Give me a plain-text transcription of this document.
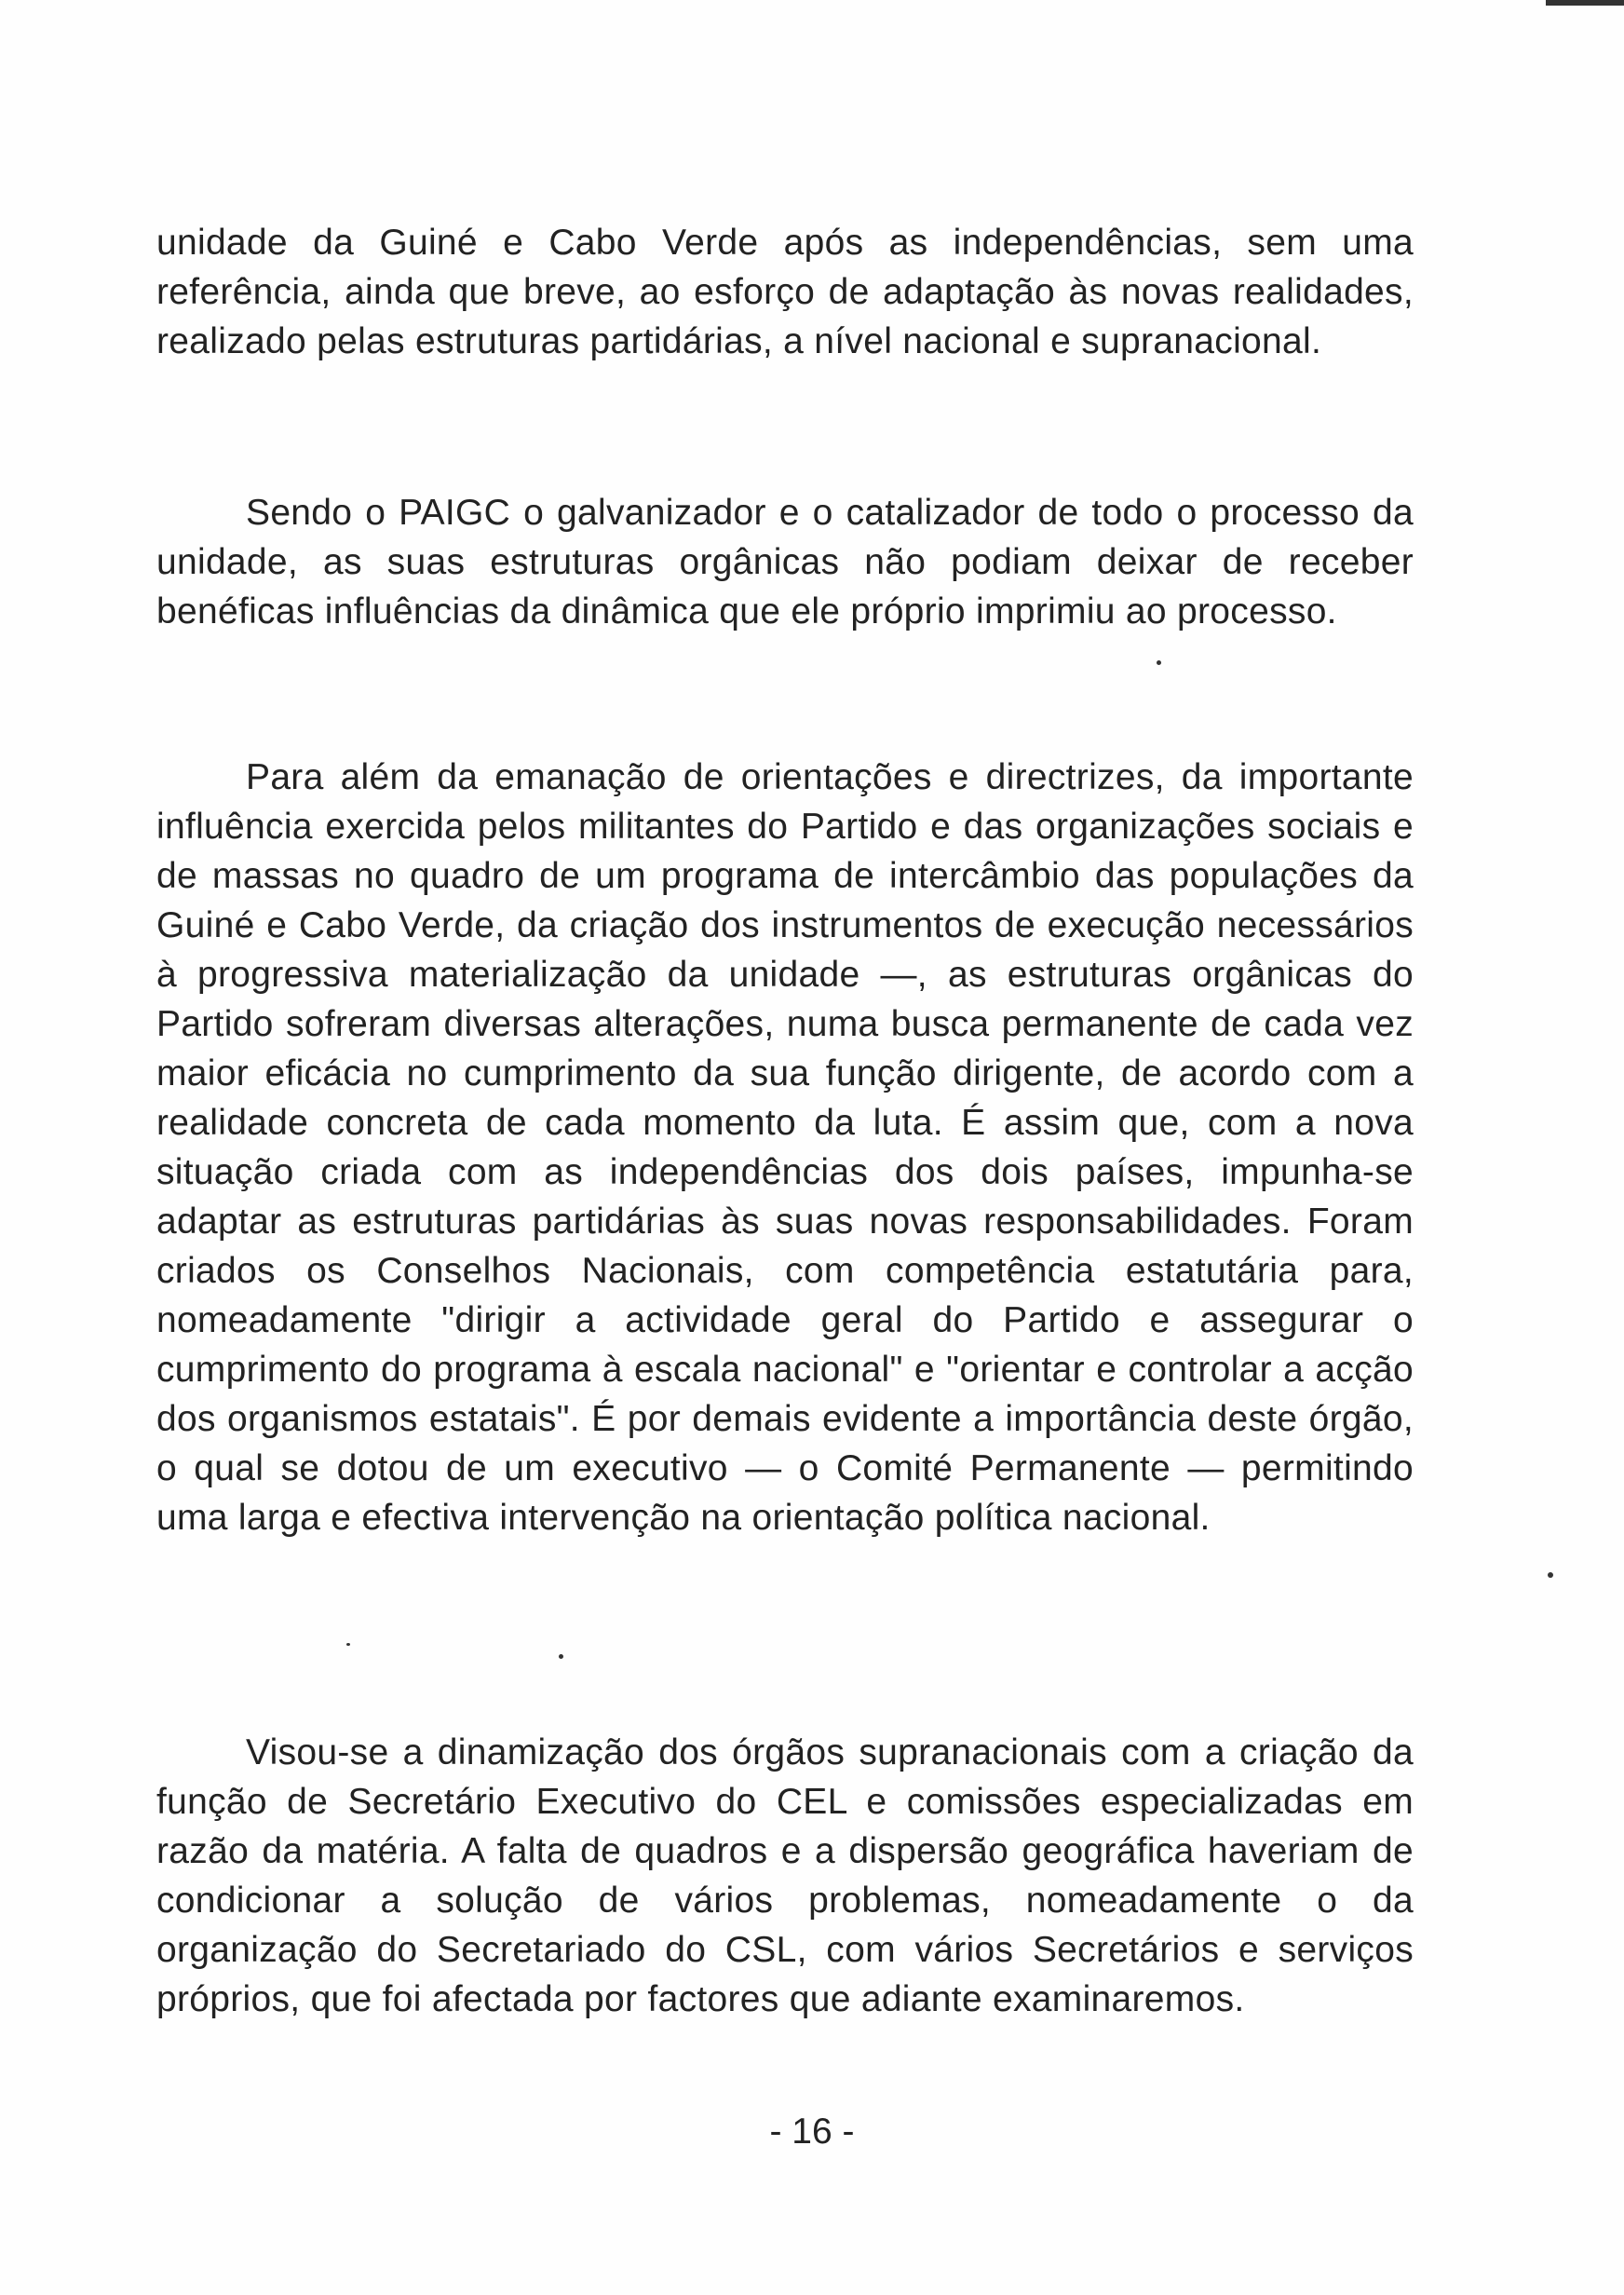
unidade da Guiné e Cabo Verde após as independências, sem uma referência, ainda que breve, ao esforço de adaptação às novas realidades, realizado pelas estruturas partidárias, a nível nacional e supranacional.

Sendo o PAIGC o galvanizador e o catalizador de todo o processo da unidade, as suas estruturas orgânicas não podiam deixar de receber benéficas influências da dinâmica que ele próprio imprimiu ao processo.

Para além da emanação de orientações e directrizes, da importante influência exercida pelos militantes do Partido e das organizações sociais e de massas no quadro de um programa de intercâmbio das populações da Guiné e Cabo Verde, da criação dos instrumentos de execução necessários à progressiva materialização da unidade —, as estruturas orgânicas do Partido sofreram diversas alterações, numa busca permanente de cada vez maior eficácia no cumprimento da sua função dirigente, de acordo com a realidade concreta de cada momento da luta. É assim que, com a nova situação criada com as independências dos dois países, impunha-se adaptar as estruturas partidárias às suas novas responsabilidades. Foram criados os Conselhos Nacionais, com competência estatutária para, nomeadamente "dirigir a actividade geral do Partido e assegurar o cumprimento do programa à escala nacional" e "orientar e controlar a acção dos organismos estatais". É por demais evidente a importância deste órgão, o qual se dotou de um executivo — o Comité Permanente — permitindo uma larga e efectiva intervenção na orientação política nacional.

Visou-se a dinamização dos órgãos supranacionais com a criação da função de Secretário Executivo do CEL e comissões especializadas em razão da matéria. A falta de quadros e a dispersão geográfica haveriam de condicionar a solução de vários problemas, nomeadamente o da organização do Secretariado do CSL, com vários Secretários e serviços próprios, que foi afectada por factores que adiante examinaremos.

- 16 -
